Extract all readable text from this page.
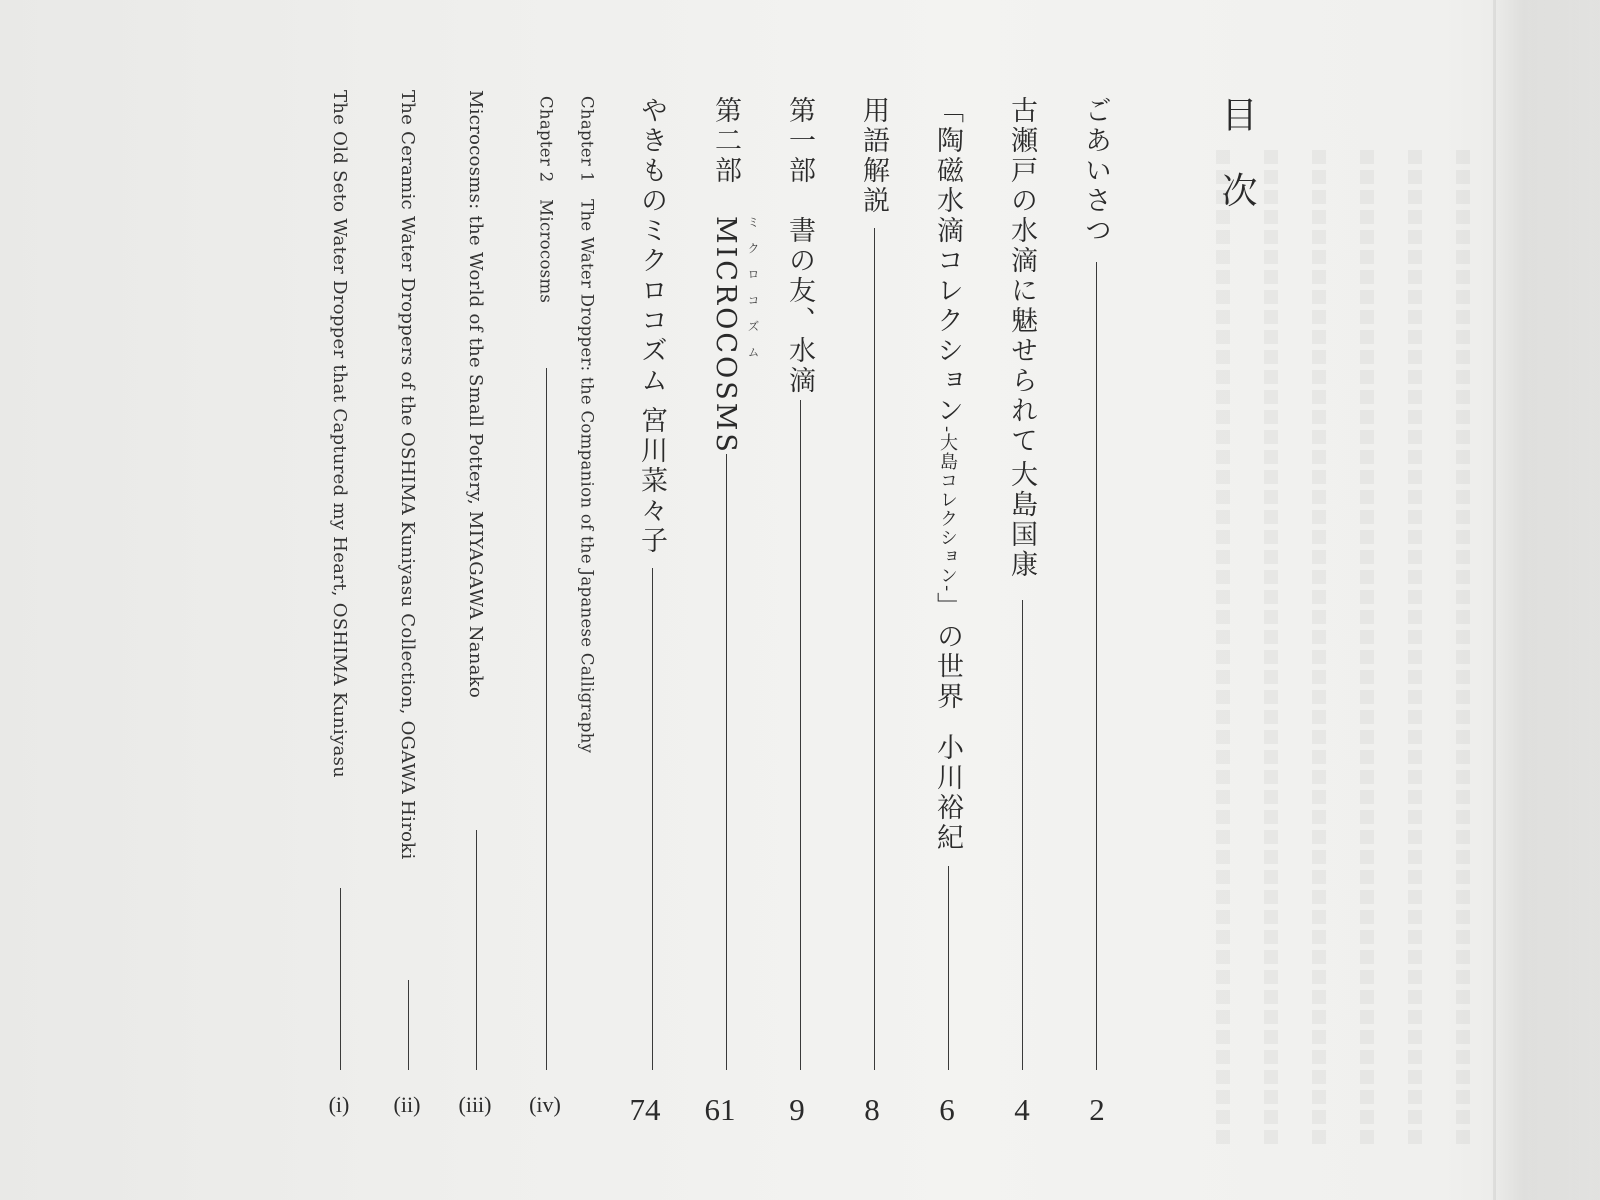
目 次
ごあいさつ
2
古瀬戸の水滴に魅せられて
大島国康
4
「陶磁水滴コレクション-大島コレクション-」の世界
小川裕紀
6
用語解説
8
第一部　書の友、水滴
9
第二部　MICROCOSMS ミクロコズム
61
やきものミクロコズム
宮川菜々子
74
Chapter 1　The Water Dropper: the Companion of the Japanese Calligraphy
Chapter 2　Microcosms
(iv)
Microcosms: the World of the Small Pottery, MIYAGAWA Nanako
(iii)
The Ceramic Water Droppers of the OSHIMA Kuniyasu Collection, OGAWA Hiroki
(ii)
The Old Seto Water Dropper that Captured my Heart, OSHIMA Kuniyasu
(i)
